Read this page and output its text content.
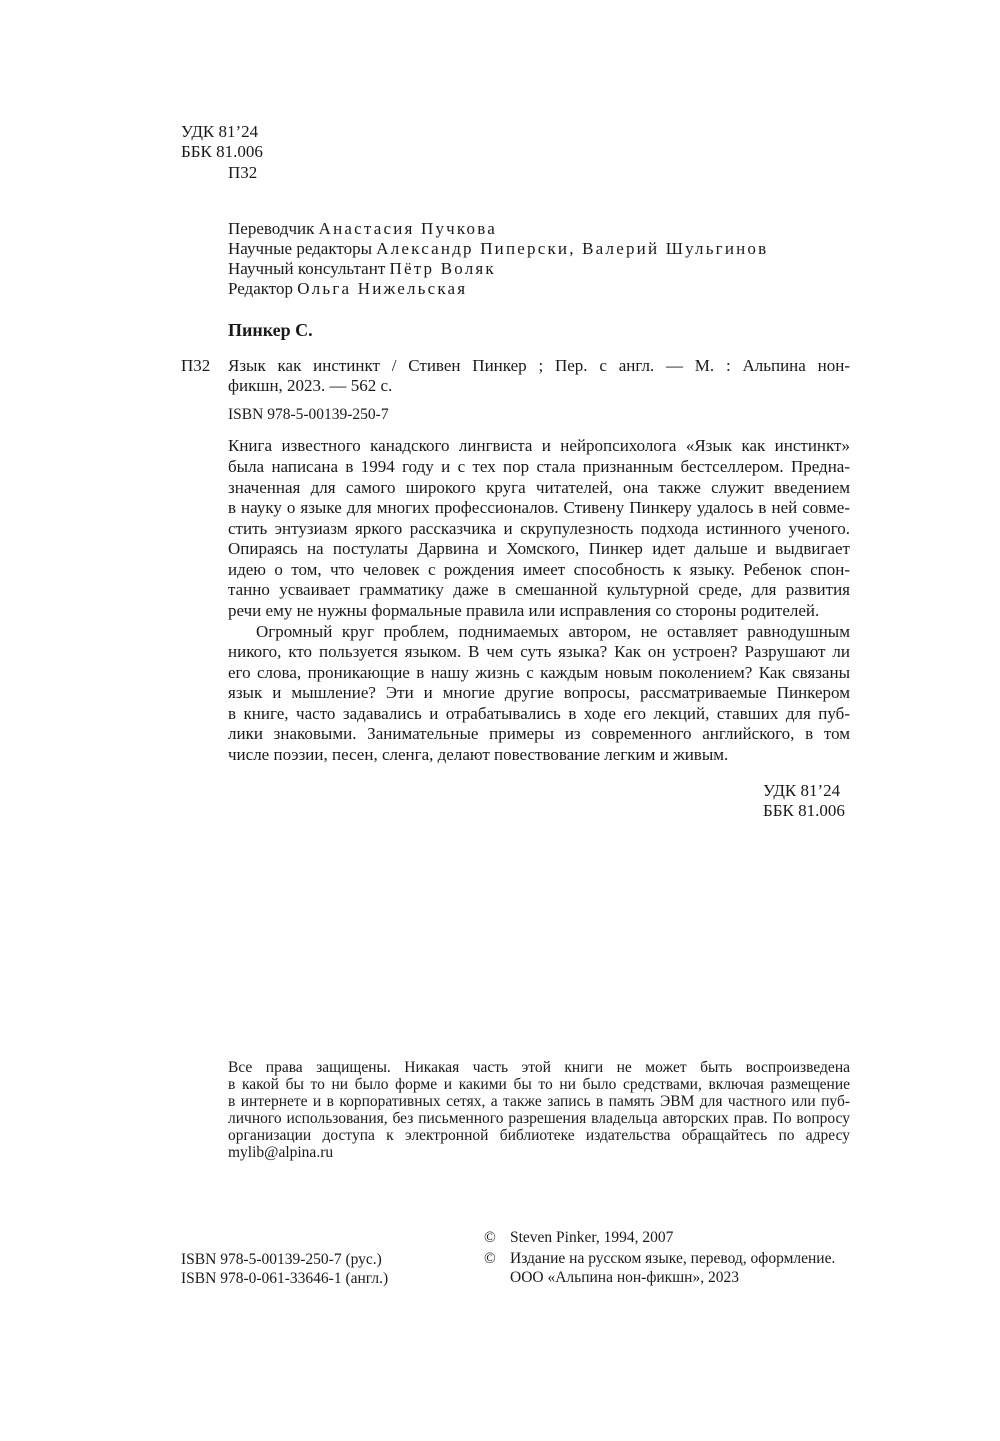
УДК 81’24
ББК 81.006
П32
Переводчик Анастасия Пучкова
Научные редакторы Александр Пиперски, Валерий Шульгинов
Научный консультант Пётр Воляк
Редактор Ольга Нижельская
Пинкер С.
П32 Язык как инстинкт / Стивен Пинкер ; Пер. с англ. — М. : Альпина нон-
фикшн, 2023. — 562 с.
ISBN 978-5-00139-250-7
Книга известного канадского лингвиста и нейропсихолога «Язык как инстинкт»
была написана в 1994 году и с тех пор стала признанным бестселлером. Предна-
значенная для самого широкого круга читателей, она также служит введением
в науку о языке для многих профессионалов. Стивену Пинкеру удалось в ней совме-
стить энтузиазм яркого рассказчика и скрупулезность подхода истинного ученого.
Опираясь на постулаты Дарвина и Хомского, Пинкер идет дальше и выдвигает
идею о том, что человек с рождения имеет способность к языку. Ребенок спон-
танно усваивает грамматику даже в смешанной культурной среде, для развития
речи ему не нужны формальные правила или исправления со стороны родителей.
Огромный круг проблем, поднимаемых автором, не оставляет равнодушным
никого, кто пользуется языком. В чем суть языка? Как он устроен? Разрушают ли
его слова, проникающие в нашу жизнь с каждым новым поколением? Как связаны
язык и мышление? Эти и многие другие вопросы, рассматриваемые Пинкером
в книге, часто задавались и отрабатывались в ходе его лекций, ставших для пуб-
лики знаковыми. Занимательные примеры из современного английского, в том
числе поэзии, песен, сленга, делают повествование легким и живым.
УДК 81’24
ББК 81.006
Все права защищены. Никакая часть этой книги не может быть воспроизведена
в какой бы то ни было форме и какими бы то ни было средствами, включая размещение
в интернете и в корпоративных сетях, а также запись в память ЭВМ для частного или пуб-
личного использования, без письменного разрешения владельца авторских прав. По вопросу
организации доступа к электронной библиотеке издательства обращайтесь по адресу
mylib@alpina.ru
ISBN 978-5-00139-250-7 (рус.)
ISBN 978-0-061-33646-1 (англ.)
© Steven Pinker, 1994, 2007
© Издание на русском языке, перевод, оформление.
ООО «Альпина нон-фикшн», 2023
